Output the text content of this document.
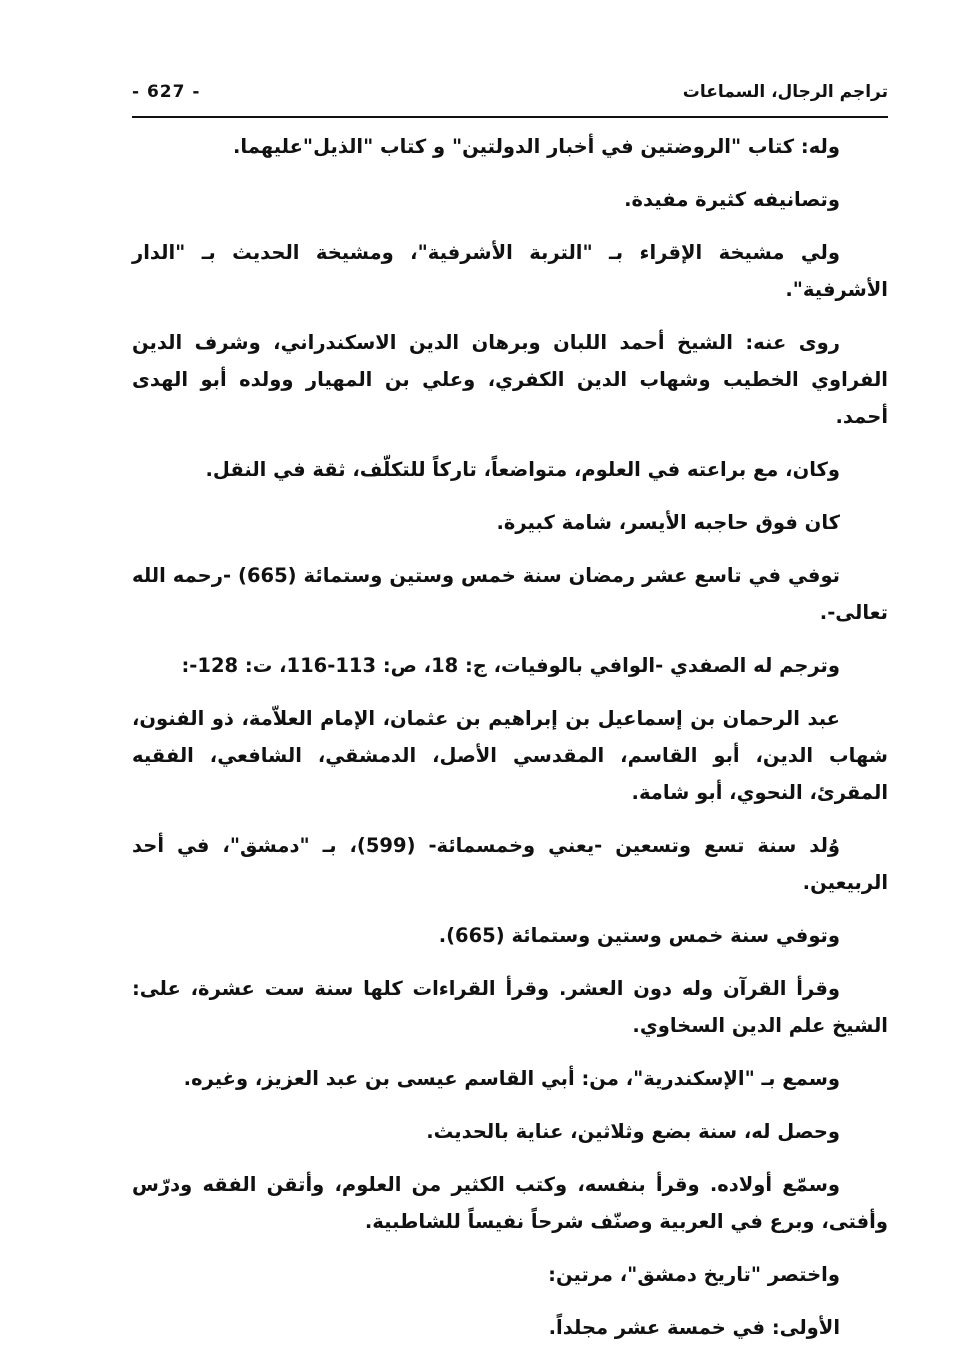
- 627 -	تراجم الرجال، السماعات

وله: كتاب "الروضتين في أخبار الدولتين" و كتاب "الذيل"عليهما.

وتصانيفه كثيرة مفيدة.

ولي مشيخة الإقراء بـ "التربة الأشرفية"، ومشيخة الحديث بـ "الدار الأشرفية".

روى عنه: الشيخ أحمد اللبان وبرهان الدين الاسكندراني، وشرف الدين الفراوي الخطيب وشهاب الدين الكفري، وعلي بن المهيار وولده أبو الهدى أحمد.

وكان، مع براعته في العلوم، متواضعاً، تاركاً للتكلّف، ثقة في النقل.

كان فوق حاجبه الأيسر، شامة كبيرة.

توفي في تاسع عشر رمضان سنة خمس وستين وستمائة (665) -رحمه الله تعالى-.

وترجم له الصفدي -الوافي بالوفيات، ج: 18، ص: 113-116، ت: 128-:

عبد الرحمان بن إسماعيل بن إبراهيم بن عثمان، الإمام العلاّمة، ذو الفنون، شهاب الدين، أبو القاسم، المقدسي الأصل، الدمشقي، الشافعي، الفقيه المقرئ، النحوي، أبو شامة.

وُلد سنة تسع وتسعين -يعني وخمسمائة- (599)، بـ "دمشق"، في أحد الربيعين.

وتوفي سنة خمس وستين وستمائة (665).

وقرأ القرآن وله دون العشر. وقرأ القراءات كلها سنة ست عشرة، على: الشيخ علم الدين السخاوي.

وسمع بـ "الإسكندرية"، من: أبي القاسم عيسى بن عبد العزيز، وغيره.

وحصل له، سنة بضع وثلاثين، عناية بالحديث.

وسمّع أولاده. وقرأ بنفسه، وكتب الكثير من العلوم، وأتقن الفقه ودرّس وأفتى، وبرع في العربية وصنّف شرحاً نفيساً للشاطبية.

واختصر "تاريخ دمشق"، مرتين:

الأولى: في خمسة عشر مجلداً.
